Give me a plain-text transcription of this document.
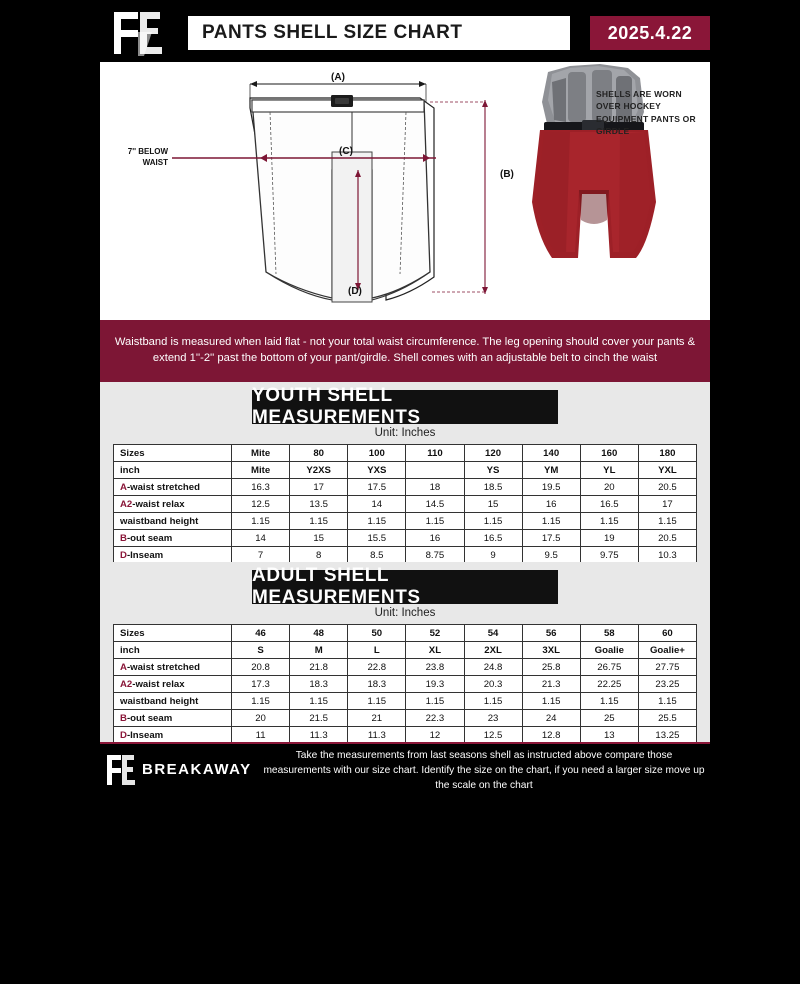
PANTS SHELL SIZE CHART	2025.4.22
(A)
(B)
(C)
(D)
7'' BELOW WAIST
SHELLS ARE WORN OVER HOCKEY EQUIPMENT PANTS OR GIRDLE

Waistband is measured when laid flat - not your total waist circumference. The leg opening should cover your pants & extend 1''-2'' past the bottom of your pant/girdle. Shell comes with an adjustable belt to cinch the waist

YOUTH SHELL MEASUREMENTS
Unit: Inches
Sizes	Mite	80	100	110	120	140	160	180
inch	Mite	Y2XS	YXS		YS	YM	YL	YXL
A-waist stretched	16.3	17	17.5	18	18.5	19.5	20	20.5
A2-waist relax	12.5	13.5	14	14.5	15	16	16.5	17
waistband height	1.15	1.15	1.15	1.15	1.15	1.15	1.15	1.15
B-out seam	14	15	15.5	16	16.5	17.5	19	20.5
D-Inseam	7	8	8.5	8.75	9	9.5	9.75	10.3
ADULT SHELL MEASUREMENTS
Unit: Inches
Sizes	46	48	50	52	54	56	58	60
inch	S	M	L	XL	2XL	3XL	Goalie	Goalie+
A-waist stretched	20.8	21.8	22.8	23.8	24.8	25.8	26.75	27.75
A2-waist relax	17.3	18.3	18.3	19.3	20.3	21.3	22.25	23.25
waistband height	1.15	1.15	1.15	1.15	1.15	1.15	1.15	1.15
B-out seam	20	21.5	21	22.3	23	24	25	25.5
D-Inseam	11	11.3	11.3	12	12.5	12.8	13	13.25
BREAKAWAY
Take the measurements from last seasons shell as instructed above compare those measurements with our size chart. Identify the size on the chart, if you need a larger size move up the scale on the chart
